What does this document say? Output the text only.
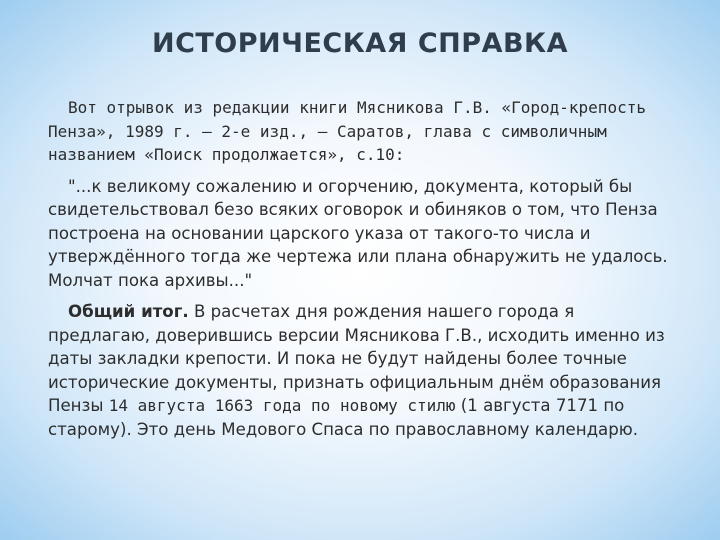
ИСТОРИЧЕСКАЯ СПРАВКА

Вот отрывок из редакции книги Мясникова Г.В. «Город-крепость Пенза», 1989 г. – 2-е изд., – Саратов, глава с символичным названием «Поиск продолжается», с.10:

"...к великому сожалению и огорчению, документа, который бы свидетельствовал безо всяких оговорок и обиняков о том, что Пенза построена на основании царского указа от такого-то числа и утверждённого тогда же чертежа или плана обнаружить не удалось. Молчат пока архивы..."

Общий итог. В расчетах дня рождения нашего города я предлагаю, доверившись версии Мясникова Г.В., исходить именно из даты закладки крепости. И пока не будут найдены более точные исторические документы, признать официальным днём образования Пензы 14 августа 1663 года по новому стилю (1 августа 7171 по старому). Это день Медового Спаса по православному календарю.
